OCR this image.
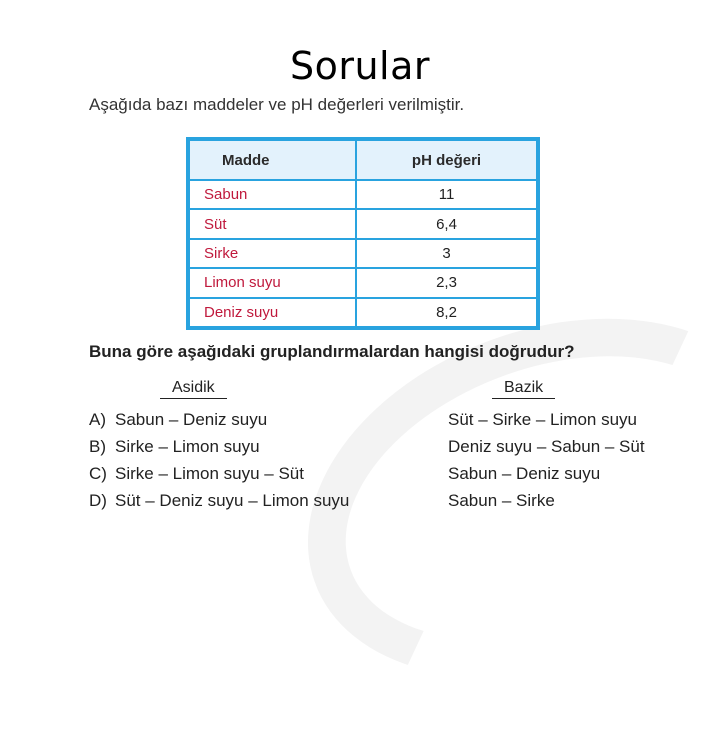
Sorular
Aşağıda bazı maddeler ve pH değerleri verilmiştir.
Madde	pH değeri
Sabun	11
Süt	6,4
Sirke	3
Limon suyu	2,3
Deniz suyu	8,2
Buna göre aşağıdaki gruplandırmalardan hangisi doğrudur?
Asidik	Bazik
A) Sabun – Deniz suyu	Süt – Sirke – Limon suyu
B) Sirke – Limon suyu	Deniz suyu – Sabun – Süt
C) Sirke – Limon suyu – Süt	Sabun – Deniz suyu
D) Süt – Deniz suyu – Limon suyu	Sabun – Sirke
